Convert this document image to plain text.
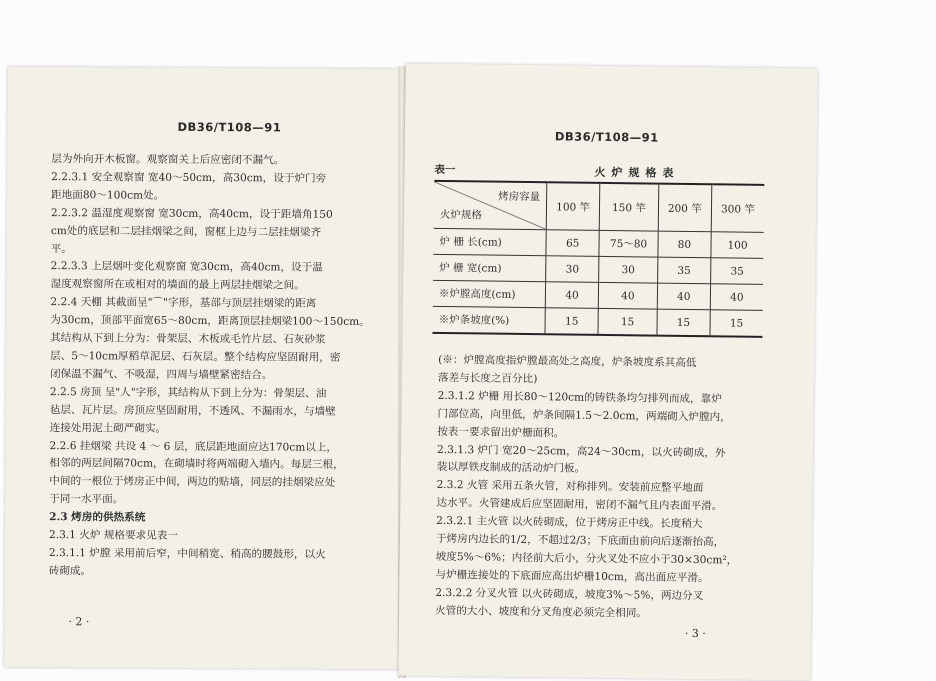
DB36/T108—91
层为外向开木板窗。观察窗关上后应密闭不漏气。
2.2.3.1 安全观察窗 宽40～50cm，高30cm，设于炉门旁
距地面80～100cm处。
2.2.3.2 温湿度观察窗 宽30cm，高40cm，设于距墙角150
cm处的底层和二层挂烟梁之间，窗框上边与二层挂烟梁齐
平。
2.2.3.3 上层烟叶变化观察窗 宽30cm，高40cm，设于温
湿度观察窗所在或相对的墙面的最上两层挂烟梁之间。
2.2.4 天棚 其截面呈"⌒"字形，基部与顶层挂烟梁的距离
为30cm，顶部平面宽65～80cm，距离顶层挂烟梁100～150cm。
其结构从下到上分为：骨架层、木板或毛竹片层、石灰砂浆
层、5～10cm厚稻草泥层、石灰层。整个结构应坚固耐用，密
闭保温不漏气、不吸湿，四周与墙壁紧密结合。
2.2.5 房顶 呈"人"字形，其结构从下到上分为：骨架层、油
毡层、瓦片层。房顶应坚固耐用，不透风、不漏雨水，与墙壁
连接处用泥土砌严砌实。
2.2.6 挂烟梁 共设 4 ～ 6 层，底层距地面应达170cm以上，
相邻的两层间隔70cm，在砌墙时将两端砌入墙内。每层三根，
中间的一根位于烤房正中间，两边的贴墙，同层的挂烟梁应处
于同一水平面。
2.3 烤房的供热系统
2.3.1 火炉 规格要求见表一
2.3.1.1 炉膛 采用前后窄，中间稍宽、稍高的腰鼓形，以火
砖砌成。
· 2 ·
DB36/T108—91
表一	火炉规格表
烤房容量
火炉规格	100 竿	150 竿	200 竿	300 竿
炉 栅 长(cm)	65	75～80	80	100
炉 栅 宽(cm)	30	30	35	35
※炉膛高度(cm)	40	40	40	40
※炉条坡度(%)	15	15	15	15
(※：炉膛高度指炉膛最高处之高度，炉条坡度系其高低
落差与长度之百分比)
2.3.1.2 炉栅 用长80～120cm的铸铁条均匀排列而成，靠炉
门部位高，向里低，炉条间隔1.5～2.0cm，两端砌入炉膛内，
按表一要求留出炉栅面积。
2.3.1.3 炉门 宽20～25cm，高24～30cm，以火砖砌成，外
装以厚铁皮制成的活动炉门板。
2.3.2 火管 采用五条火管，对称排列。安装前应整平地面
达水平。火管建成后应坚固耐用，密闭不漏气且内表面平滑。
2.3.2.1 主火管 以火砖砌成，位于烤房正中线。长度稍大
于烤房内边长的1/2，不超过2/3；下底面由前向后逐渐抬高，
坡度5%～6%；内径前大后小，分火叉处不应小于30×30cm²，
与炉栅连接处的下底面应高出炉栅10cm，高出面应平滑。
2.3.2.2 分叉火管 以火砖砌成，坡度3%～5%，两边分叉
火管的大小、坡度和分叉角度必须完全相同。
· 3 ·
